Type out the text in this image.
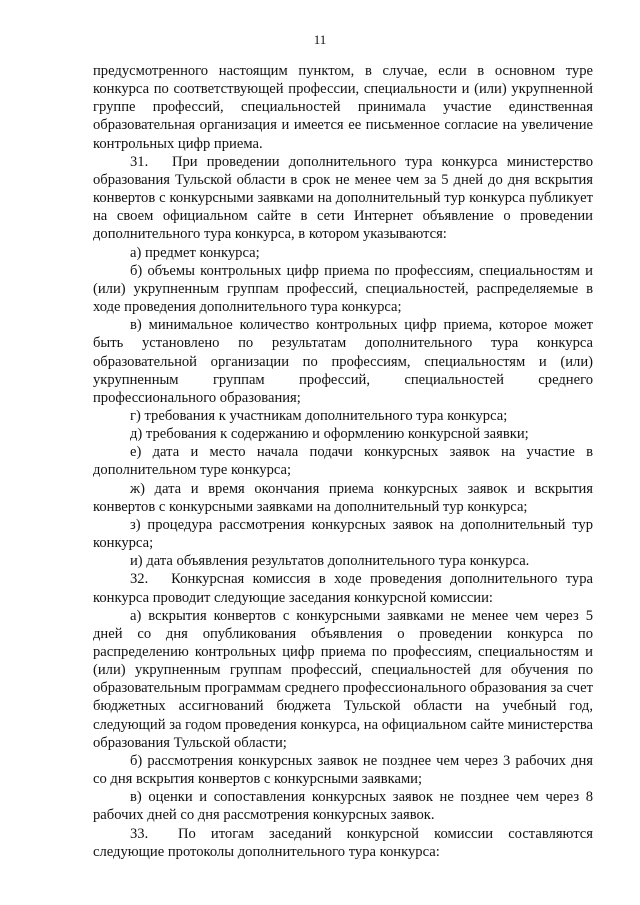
11

предусмотренного настоящим пунктом, в случае, если в основном туре конкурса по соответствующей профессии, специальности и (или) укрупненной группе профессий, специальностей принимала участие единственная образовательная организация и имеется ее письменное согласие на увеличение контрольных цифр приема.

31.  При проведении дополнительного тура конкурса министерство образования Тульской области в срок не менее чем за 5 дней до дня вскрытия конвертов с конкурсными заявками на дополнительный тур конкурса публикует на своем официальном сайте в сети Интернет объявление о проведении дополнительного тура конкурса, в котором указываются:

а) предмет конкурса;

б) объемы контрольных цифр приема по профессиям, специальностям и (или) укрупненным группам профессий, специальностей, распределяемые в ходе проведения дополнительного тура конкурса;

в) минимальное количество контрольных цифр приема, которое может быть установлено по результатам дополнительного тура конкурса образовательной организации по профессиям, специальностям и (или) укрупненным группам профессий, специальностей среднего профессионального образования;

г) требования к участникам дополнительного тура конкурса;

д) требования к содержанию и оформлению конкурсной заявки;

е) дата и место начала подачи конкурсных заявок на участие в дополнительном туре конкурса;

ж) дата и время окончания приема конкурсных заявок и вскрытия конвертов с конкурсными заявками на дополнительный тур конкурса;

з) процедура рассмотрения конкурсных заявок на дополнительный тур конкурса;

и) дата объявления результатов дополнительного тура конкурса.

32.  Конкурсная комиссия в ходе проведения дополнительного тура конкурса проводит следующие заседания конкурсной комиссии:

а) вскрытия конвертов с конкурсными заявками не менее чем через 5 дней со дня опубликования объявления о проведении конкурса по распределению контрольных цифр приема по профессиям, специальностям и (или) укрупненным группам профессий, специальностей для обучения по образовательным программам среднего профессионального образования за счет бюджетных ассигнований бюджета Тульской области на учебный год, следующий за годом проведения конкурса, на официальном сайте министерства образования Тульской области;

б) рассмотрения конкурсных заявок не позднее чем через 3 рабочих дня со дня вскрытия конвертов с конкурсными заявками;

в) оценки и сопоставления конкурсных заявок не позднее чем через 8 рабочих дней со дня рассмотрения конкурсных заявок.

33.  По итогам заседаний конкурсной комиссии составляются следующие протоколы дополнительного тура конкурса:
